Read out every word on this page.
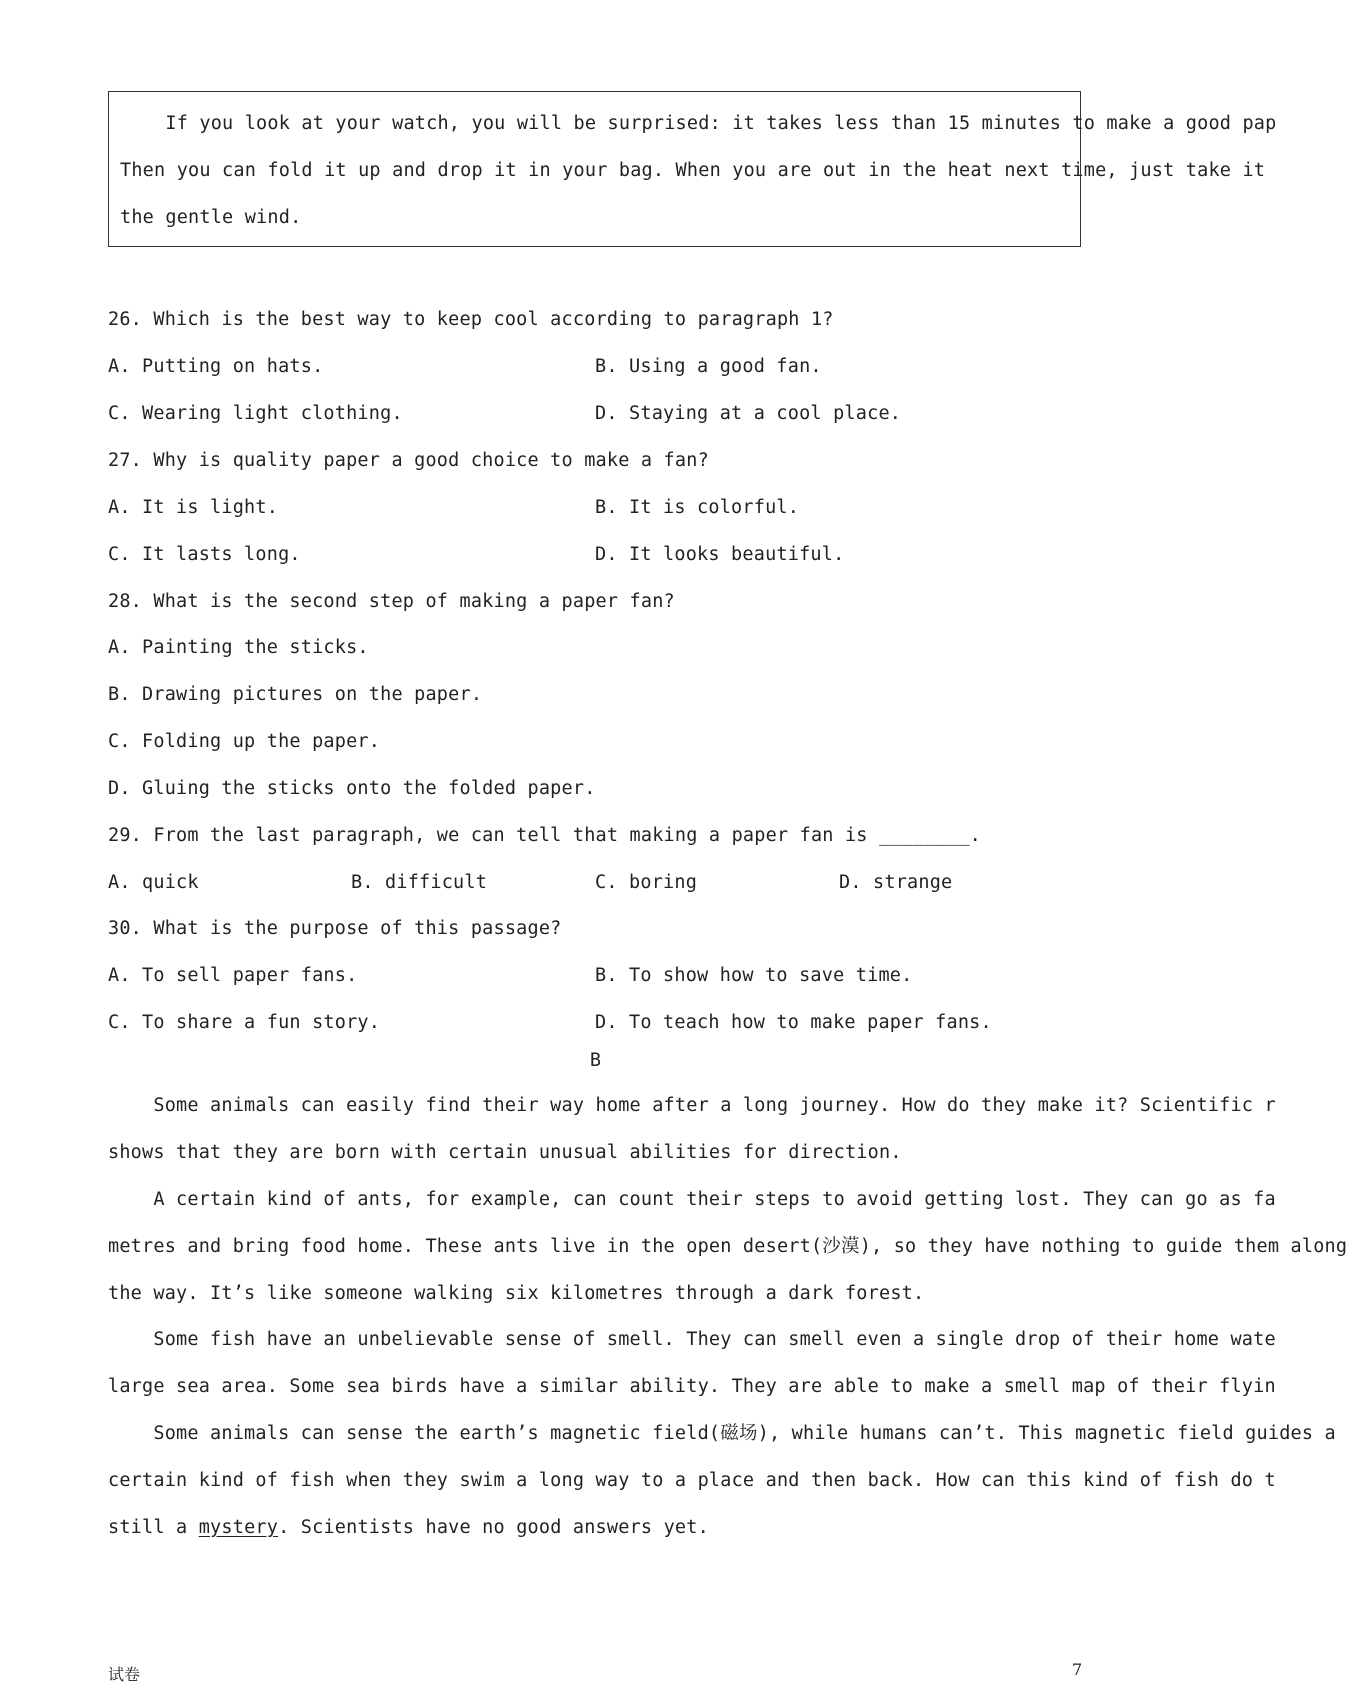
If you look at your watch, you will be surprised: it takes less than 15 minutes to make a good pap
Then you can fold it up and drop it in your bag. When you are out in the heat next time, just take it
the gentle wind.
26. Which is the best way to keep cool according to paragraph 1?
A. Putting on hats.	B. Using a good fan.
C. Wearing light clothing.	D. Staying at a cool place.
27. Why is quality paper a good choice to make a fan?
A. It is light.	B. It is colorful.
C. It lasts long.	D. It looks beautiful.
28. What is the second step of making a paper fan?
A. Painting the sticks.
B. Drawing pictures on the paper.
C. Folding up the paper.
D. Gluing the sticks onto the folded paper.
29. From the last paragraph, we can tell that making a paper fan is ________.
A. quick	B. difficult	C. boring	D. strange
30. What is the purpose of this passage?
A. To sell paper fans.	B. To show how to save time.
C. To share a fun story.	D. To teach how to make paper fans.
B
Some animals can easily find their way home after a long journey. How do they make it? Scientific r
shows that they are born with certain unusual abilities for direction.
A certain kind of ants, for example, can count their steps to avoid getting lost. They can go as fa
metres and bring food home. These ants live in the open desert(沙漠), so they have nothing to guide them along
the way. It’s like someone walking six kilometres through a dark forest.
Some fish have an unbelievable sense of smell. They can smell even a single drop of their home wate
large sea area. Some sea birds have a similar ability. They are able to make a smell map of their flyin
Some animals can sense the earth’s magnetic field(磁场), while humans can’t. This magnetic field guides a
certain kind of fish when they swim a long way to a place and then back. How can this kind of fish do t
still a mystery. Scientists have no good answers yet.
试卷	7
